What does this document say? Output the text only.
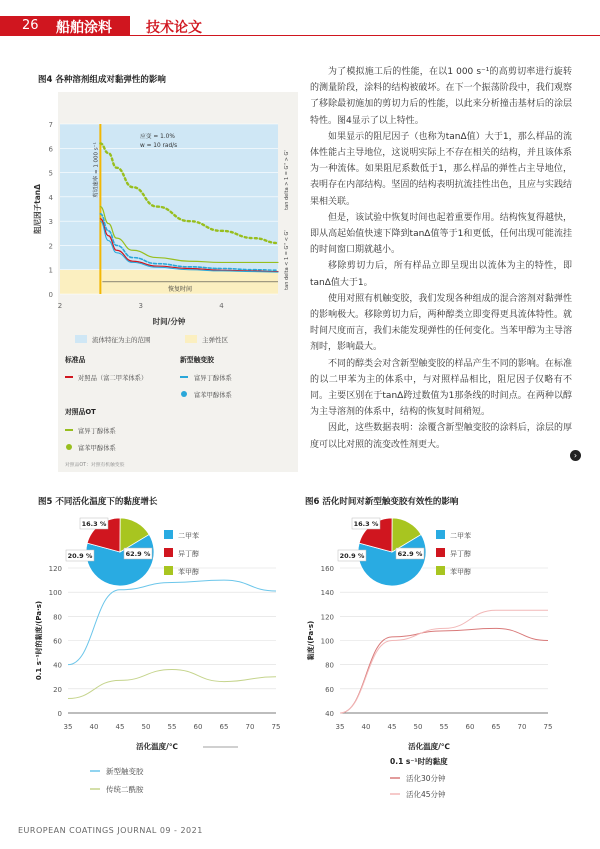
26 船舶涂料 技术论文
图4 各种溶剂组成对黏弹性的影响
0
1
2
3
4
5
6
7
2	3	4
时间/分钟
阻尼因子tanΔ
剪切速率 = 1 000 s⁻¹
应变 = 1.0%
w = 10 rad/s
恢复时间
tan delta > 1 = G'' > G'
tan delta < 1 = G'' < G'
流体特征为主的范围	主弹性区
标准品
对照品（富二甲苯体系）
新型触变胶
富异丁醇体系
富苯甲醇体系
对照品OT
富异丁醇体系
富苯甲醇体系
对照品OT：对照有机触变胶

为了模拟施工后的性能，在以1 000 s⁻¹的高剪切率进行旋转的测量阶段，涂料的结构被破坏。在下一个振荡阶段中，我们观察了移除最初施加的剪切力后的性能，以此来分析撞击基材后的涂层特性。图4显示了以上特性。

如果显示的阻尼因子（也称为tanΔ值）大于1，那么样品的流体性能占主导地位，这说明实际上不存在相关的结构，并且该体系为一种流体。如果阻尼系数低于1，那么样品的弹性占主导地位，表明存在内部结构。坚固的结构表明抗流挂性出色，且应与实践结果相关联。

但是，该试验中恢复时间也起着重要作用。结构恢复得越快，即从高起始值快速下降到tanΔ值等于1和更低，任何出现可能流挂的时间窗口期就越小。

移除剪切力后，所有样品立即呈现出以流体为主的特性，即tanΔ值大于1。

使用对照有机触变胶，我们发现各种组成的混合溶剂对黏弹性的影响极大。移除剪切力后，两种醇类立即变得更具流体特性。就时间尺度而言，我们未能发现弹性的任何变化。当苯甲醇为主导溶剂时，影响最大。

不同的醇类会对含新型触变胶的样品产生不同的影响。在标准的以二甲苯为主的体系中，与对照样品相比，阻尼因子仅略有不同。主要区别在于tanΔ跨过数值为1那条线的时间点。在两种以醇为主导溶剂的体系中，结构的恢复时间稍短。

因此，这些数据表明：涂覆含新型触变胶的涂料后，涂层的厚度可以比对照的流变改性剂更大。

›
图5 不同活化温度下的黏度增长
0
20
40
60
80
100
120
35 40 45 50 55 60 65 70 75
活化温度/℃
0.1 s⁻¹时的黏度/(Pa·s)
62.9 %
20.9 %
16.3 %
二甲苯
异丁醇
苯甲醇
新型触变胶
传统二酰胺
图6 活化时间对新型触变胶有效性的影响
40
60
80
100
120
140
160
35 40 45 50 55 60 65 70 75
活化温度/℃
黏度/(Pa·s)
62.9 %
20.9 %
16.3 %
二甲苯
异丁醇
苯甲醇
0.1 s⁻¹时的黏度
活化30分钟
活化45分钟
EUROPEAN COATINGS JOURNAL 09 - 2021
